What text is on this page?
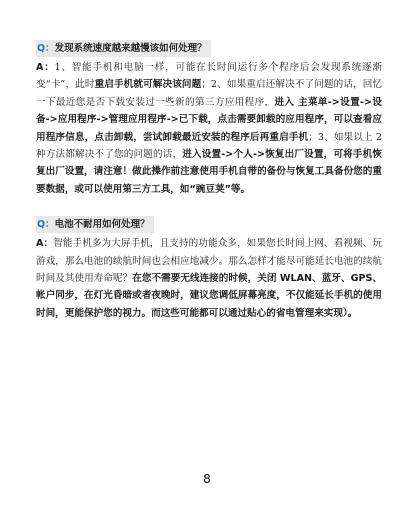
Q：发现系统速度越来越慢该如何处理？

A：1、智能手机和电脑一样，可能在长时间运行多个程序后会发现系统逐渐变“卡”，此时重启手机就可解决该问题；2、如果重启还解决不了问题的话，回忆一下最近您是否下载安装过一些新的第三方应用程序，进入 主菜单->设置->设备->应用程序->管理应用程序->已下载，点击需要卸载的应用程序，可以查看应用程序信息，点击卸载，尝试卸载最近安装的程序后再重启手机；3、如果以上 2 种方法都解决不了您的问题的话，进入设置->个人->恢复出厂设置，可将手机恢复出厂设置，请注意！做此操作前注意使用手机自带的备份与恢复工具备份您的重要数据，或可以使用第三方工具，如“豌豆荚”等。

Q：电池不耐用如何处理？

A：智能手机多为大屏手机，且支持的功能众多，如果您长时间上网、看视频、玩游戏，那么电池的续航时间也会相应地减少。那么怎样才能尽可能延长电池的续航时间及其使用寿命呢？在您不需要无线连接的时候，关闭 WLAN、蓝牙、GPS、帐户同步，在灯光昏暗或者夜晚时，建议您调低屏幕亮度，不仅能延长手机的使用时间，更能保护您的视力。而这些可能都可以通过贴心的省电管理来实现）。

8
